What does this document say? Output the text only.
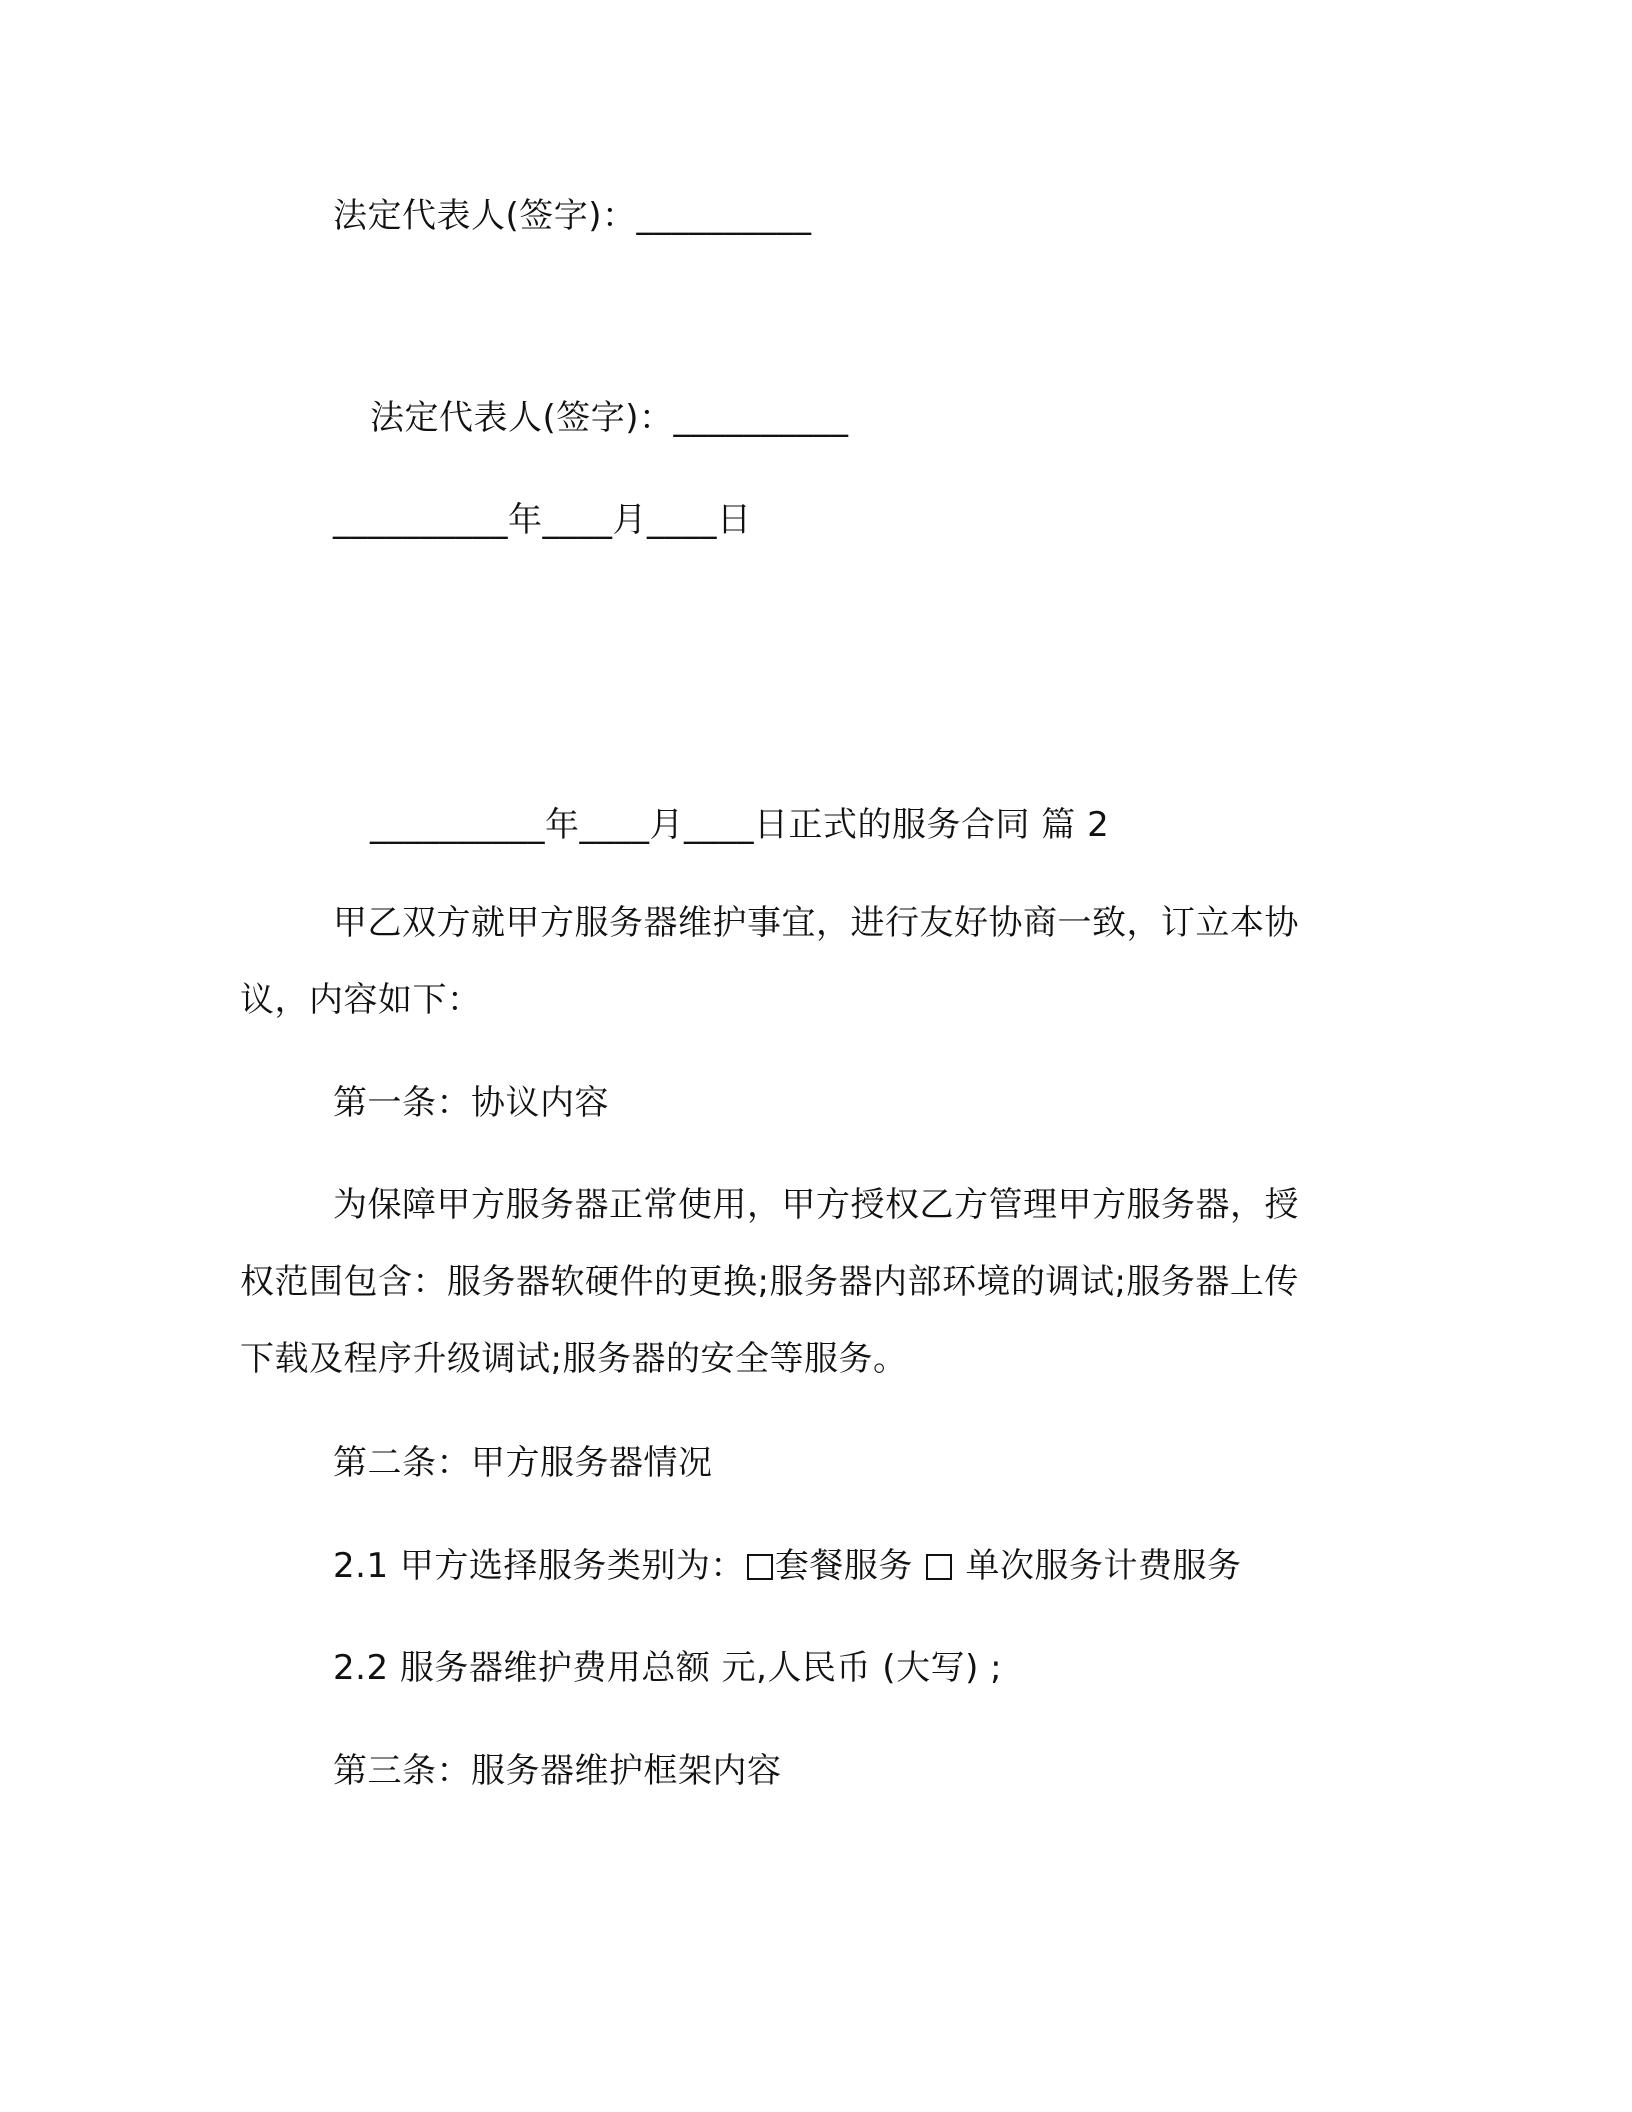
法定代表人(签字)：__________
法定代表人(签字)：__________
__________年____月____日
__________年____月____日正式的服务合同 篇 2
甲乙双方就甲方服务器维护事宜，进行友好协商一致，订立本协
议，内容如下：
第一条：协议内容
为保障甲方服务器正常使用，甲方授权乙方管理甲方服务器，授
权范围包含：服务器软硬件的更换;服务器内部环境的调试;服务器上传
下载及程序升级调试;服务器的安全等服务。
第二条：甲方服务器情况
2.1 甲方选择服务类别为： 套餐服务  单次服务计费服务
2.2 服务器维护费用总额 元,人民币 (大写) ;
第三条：服务器维护框架内容
